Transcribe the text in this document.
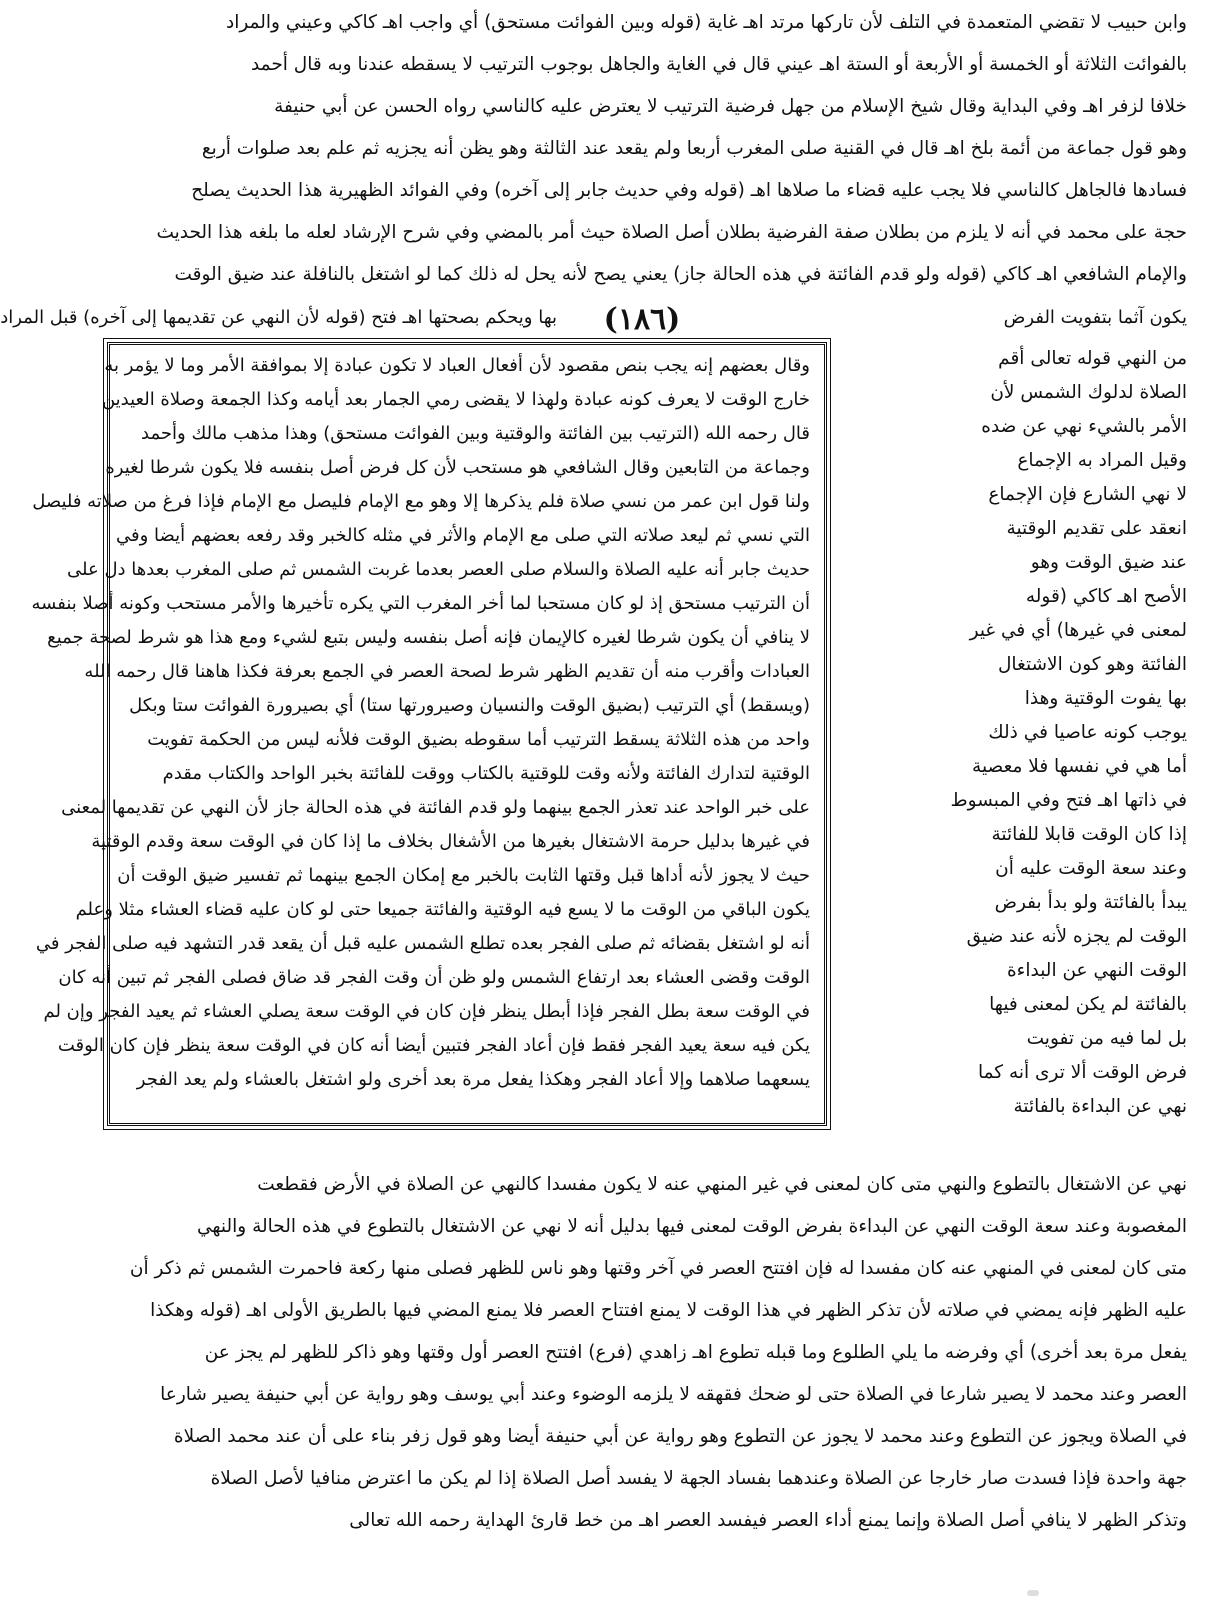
وابن حبيب لا تقضي المتعمدة في التلف لأن تاركها مرتد اهـ غاية (قوله وبين الفوائت مستحق) أي واجب اهـ كاكي وعيني والمراد
بالفوائت الثلاثة أو الخمسة أو الأربعة أو الستة اهـ عيني قال في الغاية والجاهل بوجوب الترتيب لا يسقطه عندنا وبه قال أحمد
خلافا لزفر اهـ وفي البداية وقال شيخ الإسلام من جهل فرضية الترتيب لا يعترض عليه كالناسي رواه الحسن عن أبي حنيفة
وهو قول جماعة من أئمة بلخ اهـ قال في القنية صلى المغرب أربعا ولم يقعد عند الثالثة وهو يظن أنه يجزيه ثم علم بعد صلوات أربع
فسادها فالجاهل كالناسي فلا يجب عليه قضاء ما صلاها اهـ (قوله وفي حديث جابر إلى آخره) وفي الفوائد الظهيرية هذا الحديث يصلح
حجة على محمد في أنه لا يلزم من بطلان صفة الفرضية بطلان أصل الصلاة حيث أمر بالمضي وفي شرح الإرشاد لعله ما بلغه هذا الحديث
والإمام الشافعي اهـ كاكي (قوله ولو قدم الفائتة في هذه الحالة جاز) يعني يصح لأنه يحل له ذلك كما لو اشتغل بالنافلة عند ضيق الوقت
يكون آثما بتفويت الفرض
(١٨٦)
بها ويحكم بصحتها اهـ فتح (قوله لأن النهي عن تقديمها إلى آخره) قبل المراد
وقال بعضهم إنه يجب بنص مقصود لأن أفعال العباد لا تكون عبادة إلا بموافقة الأمر وما لا يؤمر به
خارج الوقت لا يعرف كونه عبادة ولهذا لا يقضى رمي الجمار بعد أيامه وكذا الجمعة وصلاة العيدين
قال رحمه الله (الترتيب بين الفائتة والوقتية وبين الفوائت مستحق) وهذا مذهب مالك وأحمد
وجماعة من التابعين وقال الشافعي هو مستحب لأن كل فرض أصل بنفسه فلا يكون شرطا لغيره
ولنا قول ابن عمر من نسي صلاة فلم يذكرها إلا وهو مع الإمام فليصل مع الإمام فإذا فرغ من صلاته فليصل
التي نسي ثم ليعد صلاته التي صلى مع الإمام والأثر في مثله كالخبر وقد رفعه بعضهم أيضا وفي
حديث جابر أنه عليه الصلاة والسلام صلى العصر بعدما غربت الشمس ثم صلى المغرب بعدها دل على
أن الترتيب مستحق إذ لو كان مستحبا لما أخر المغرب التي يكره تأخيرها والأمر مستحب وكونه أصلا بنفسه
لا ينافي أن يكون شرطا لغيره كالإيمان فإنه أصل بنفسه وليس بتبع لشيء ومع هذا هو شرط لصحة جميع
العبادات وأقرب منه أن تقديم الظهر شرط لصحة العصر في الجمع بعرفة فكذا هاهنا قال رحمه الله
(ويسقط) أي الترتيب (بضيق الوقت والنسيان وصيرورتها ستا) أي بصيرورة الفوائت ستا وبكل
واحد من هذه الثلاثة يسقط الترتيب أما سقوطه بضيق الوقت فلأنه ليس من الحكمة تفويت
الوقتية لتدارك الفائتة ولأنه وقت للوقتية بالكتاب ووقت للفائتة بخبر الواحد والكتاب مقدم
على خبر الواحد عند تعذر الجمع بينهما ولو قدم الفائتة في هذه الحالة جاز لأن النهي عن تقديمها لمعنى
في غيرها بدليل حرمة الاشتغال بغيرها من الأشغال بخلاف ما إذا كان في الوقت سعة وقدم الوقتية
حيث لا يجوز لأنه أداها قبل وقتها الثابت بالخبر مع إمكان الجمع بينهما ثم تفسير ضيق الوقت أن
يكون الباقي من الوقت ما لا يسع فيه الوقتية والفائتة جميعا حتى لو كان عليه قضاء العشاء مثلا وعلم
أنه لو اشتغل بقضائه ثم صلى الفجر بعده تطلع الشمس عليه قبل أن يقعد قدر التشهد فيه صلى الفجر في
الوقت وقضى العشاء بعد ارتفاع الشمس ولو ظن أن وقت الفجر قد ضاق فصلى الفجر ثم تبين أنه كان
في الوقت سعة بطل الفجر فإذا أبطل ينظر فإن كان في الوقت سعة يصلي العشاء ثم يعيد الفجر وإن لم
يكن فيه سعة يعيد الفجر فقط فإن أعاد الفجر فتبين أيضا أنه كان في الوقت سعة ينظر فإن كان الوقت
يسعهما صلاهما وإلا أعاد الفجر وهكذا يفعل مرة بعد أخرى ولو اشتغل بالعشاء ولم يعد الفجر
من النهي قوله تعالى أقم
الصلاة لدلوك الشمس لأن
الأمر بالشيء نهي عن ضده
وقيل المراد به الإجماع
لا نهي الشارع فإن الإجماع
انعقد على تقديم الوقتية
عند ضيق الوقت وهو
الأصح اهـ كاكي (قوله
لمعنى في غيرها) أي في غير
الفائتة وهو كون الاشتغال
بها يفوت الوقتية وهذا
يوجب كونه عاصيا في ذلك
أما هي في نفسها فلا معصية
في ذاتها اهـ فتح وفي المبسوط
إذا كان الوقت قابلا للفائتة
وعند سعة الوقت عليه أن
يبدأ بالفائتة ولو بدأ بفرض
الوقت لم يجزه لأنه عند ضيق
الوقت النهي عن البداءة
بالفائتة لم يكن لمعنى فيها
بل لما فيه من تفويت
فرض الوقت ألا ترى أنه كما
نهي عن البداءة بالفائتة
نهي عن الاشتغال بالتطوع والنهي متى كان لمعنى في غير المنهي عنه لا يكون مفسدا كالنهي عن الصلاة في الأرض فقطعت
المغصوبة وعند سعة الوقت النهي عن البداءة بفرض الوقت لمعنى فيها بدليل أنه لا نهي عن الاشتغال بالتطوع في هذه الحالة والنهي
متى كان لمعنى في المنهي عنه كان مفسدا له فإن افتتح العصر في آخر وقتها وهو ناس للظهر فصلى منها ركعة فاحمرت الشمس ثم ذكر أن
عليه الظهر فإنه يمضي في صلاته لأن تذكر الظهر في هذا الوقت لا يمنع افتتاح العصر فلا يمنع المضي فيها بالطريق الأولى اهـ (قوله وهكذا
يفعل مرة بعد أخرى) أي وفرضه ما يلي الطلوع وما قبله تطوع اهـ زاهدي (فرع) افتتح العصر أول وقتها وهو ذاكر للظهر لم يجز عن
العصر وعند محمد لا يصير شارعا في الصلاة حتى لو ضحك فقهقه لا يلزمه الوضوء وعند أبي يوسف وهو رواية عن أبي حنيفة يصير شارعا
في الصلاة ويجوز عن التطوع وعند محمد لا يجوز عن التطوع وهو رواية عن أبي حنيفة أيضا وهو قول زفر بناء على أن عند محمد الصلاة
جهة واحدة فإذا فسدت صار خارجا عن الصلاة وعندهما بفساد الجهة لا يفسد أصل الصلاة إذا لم يكن ما اعترض منافيا لأصل الصلاة
وتذكر الظهر لا ينافي أصل الصلاة وإنما يمنع أداء العصر فيفسد العصر اهـ من خط قارئ الهداية رحمه الله تعالى
